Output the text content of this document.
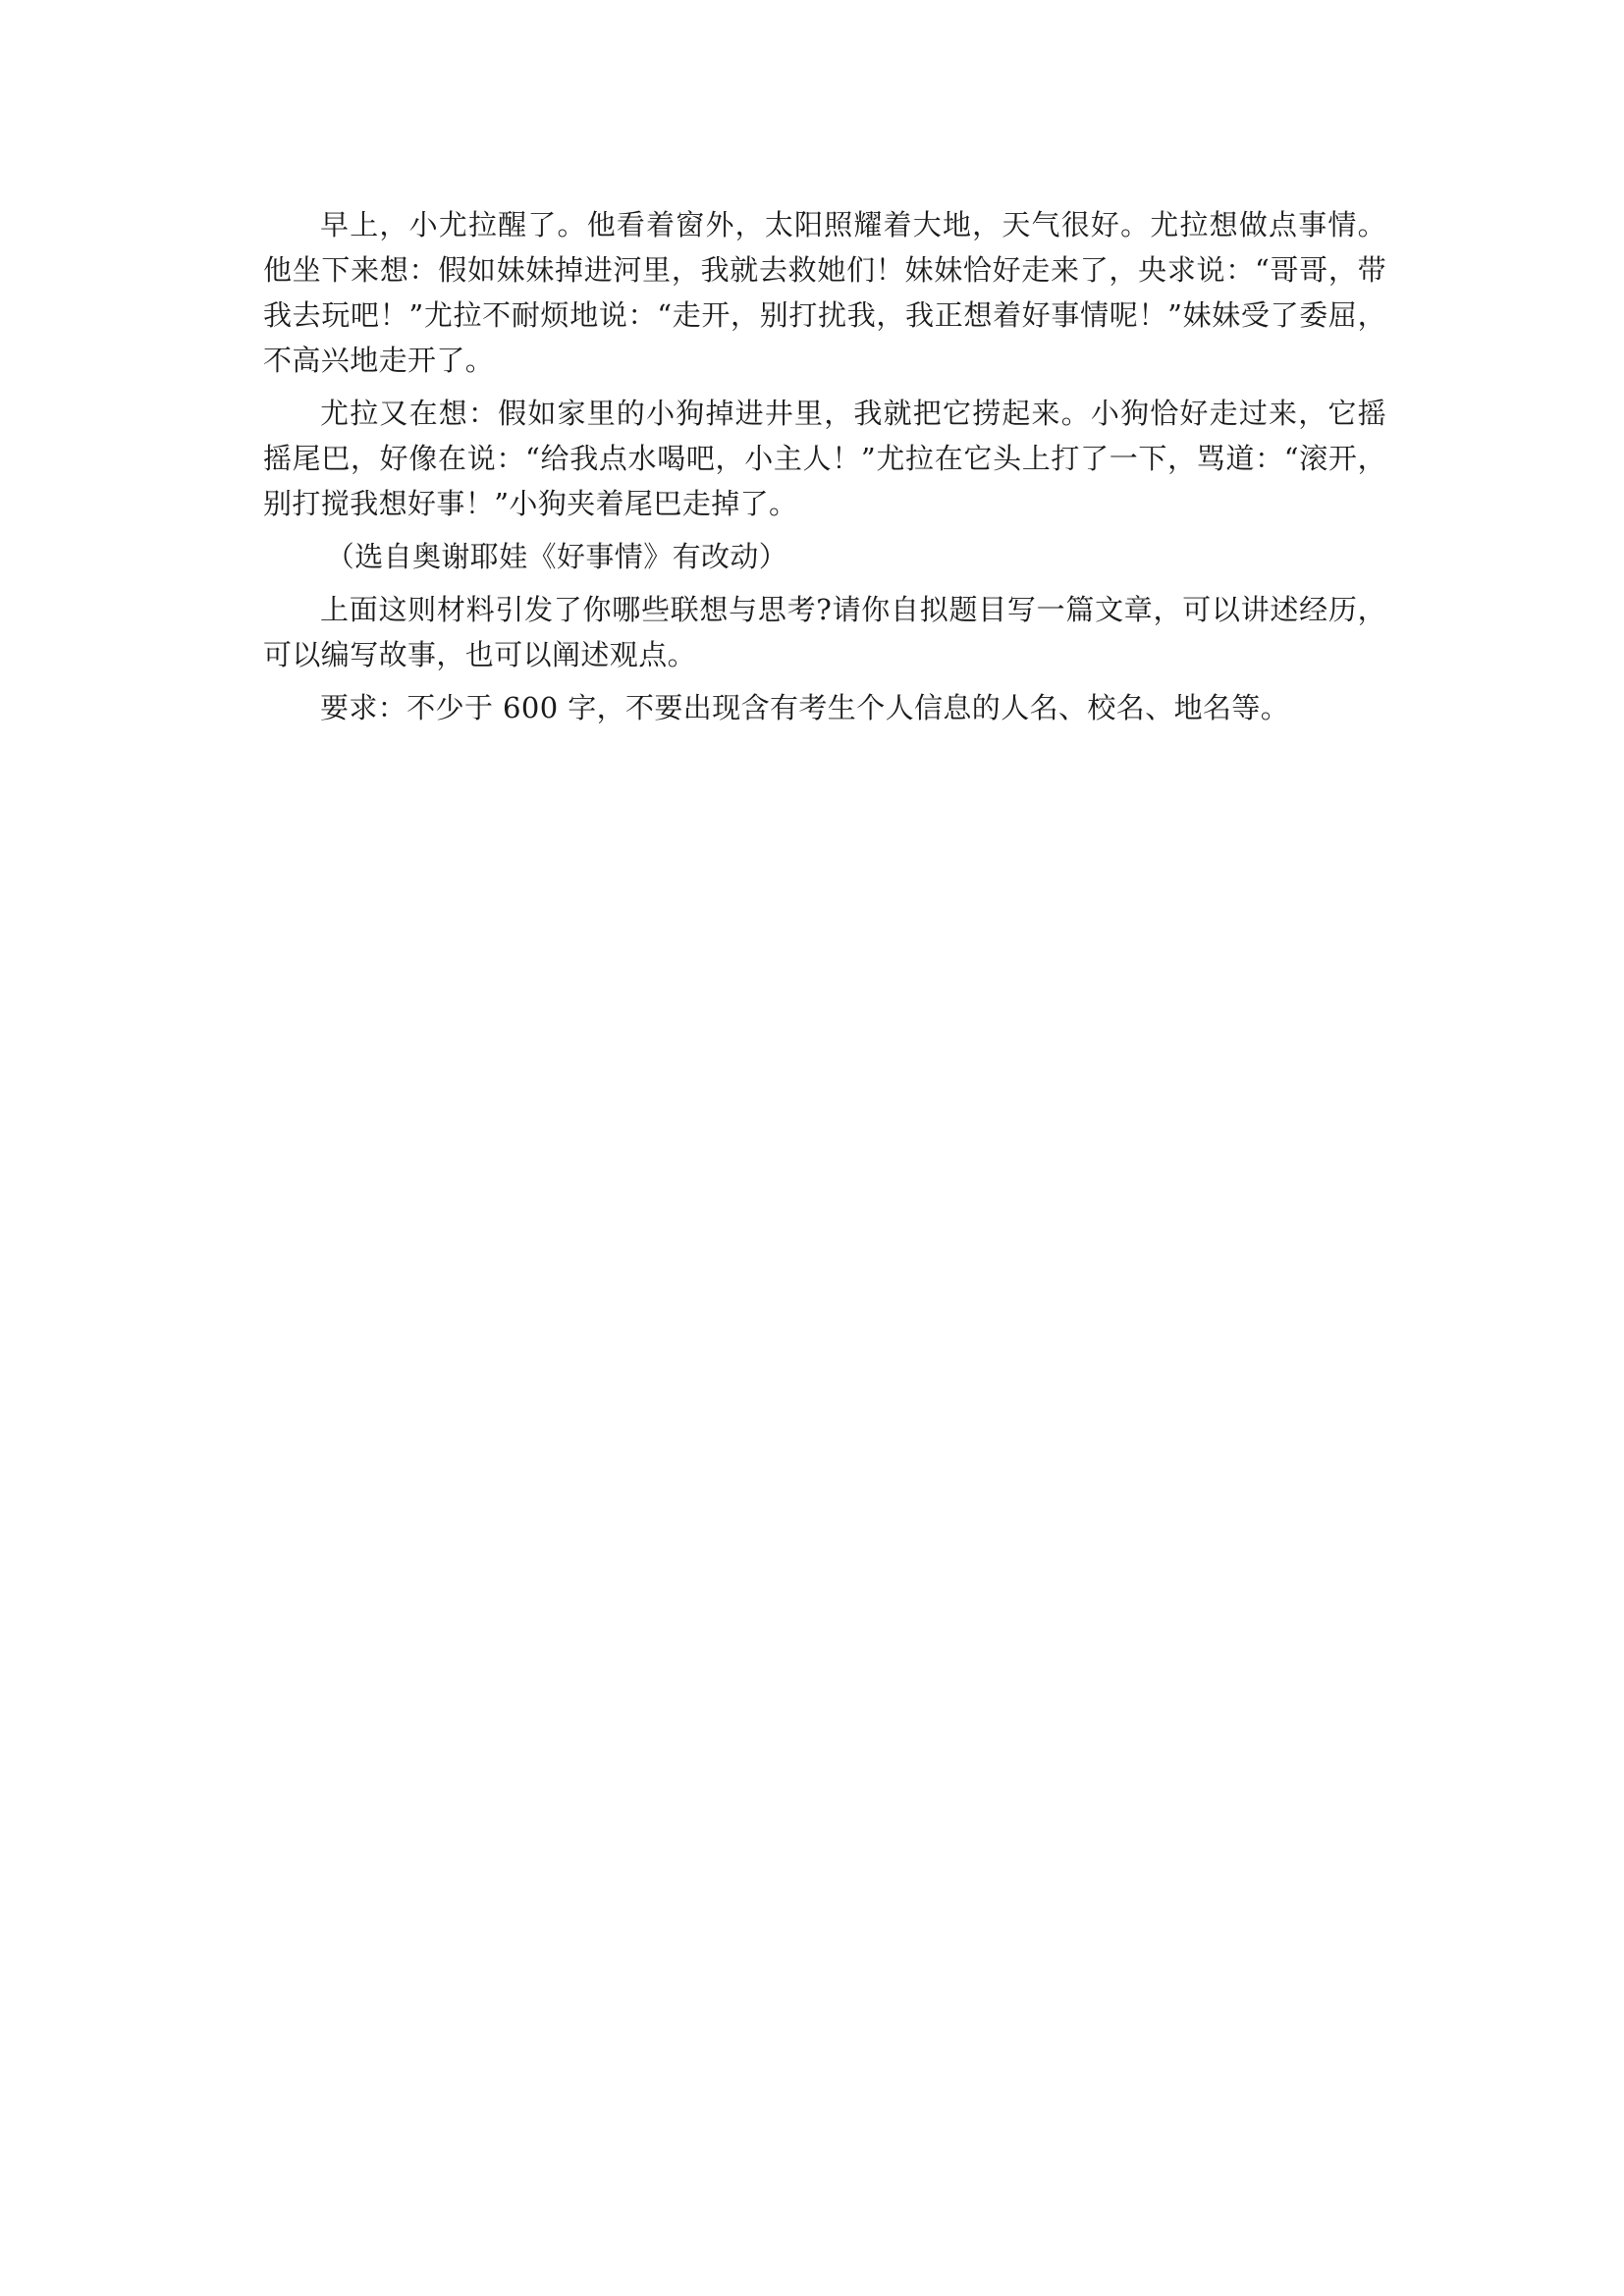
早上，小尤拉醒了。他看着窗外，太阳照耀着大地，天气很好。尤拉想做点事情。他坐下来想：假如妹妹掉进河里，我就去救她们！妹妹恰好走来了，央求说：“哥哥，带我去玩吧！”尤拉不耐烦地说：“走开，别打扰我，我正想着好事情呢！”妹妹受了委屈，不高兴地走开了。

尤拉又在想：假如家里的小狗掉进井里，我就把它捞起来。小狗恰好走过来，它摇摇尾巴，好像在说：“给我点水喝吧，小主人！”尤拉在它头上打了一下，骂道：“滚开，别打搅我想好事！”小狗夹着尾巴走掉了。

（选自奥谢耶娃《好事情》有改动）

上面这则材料引发了你哪些联想与思考?请你自拟题目写一篇文章，可以讲述经历，可以编写故事，也可以阐述观点。

要求：不少于 600 字，不要出现含有考生个人信息的人名、校名、地名等。
